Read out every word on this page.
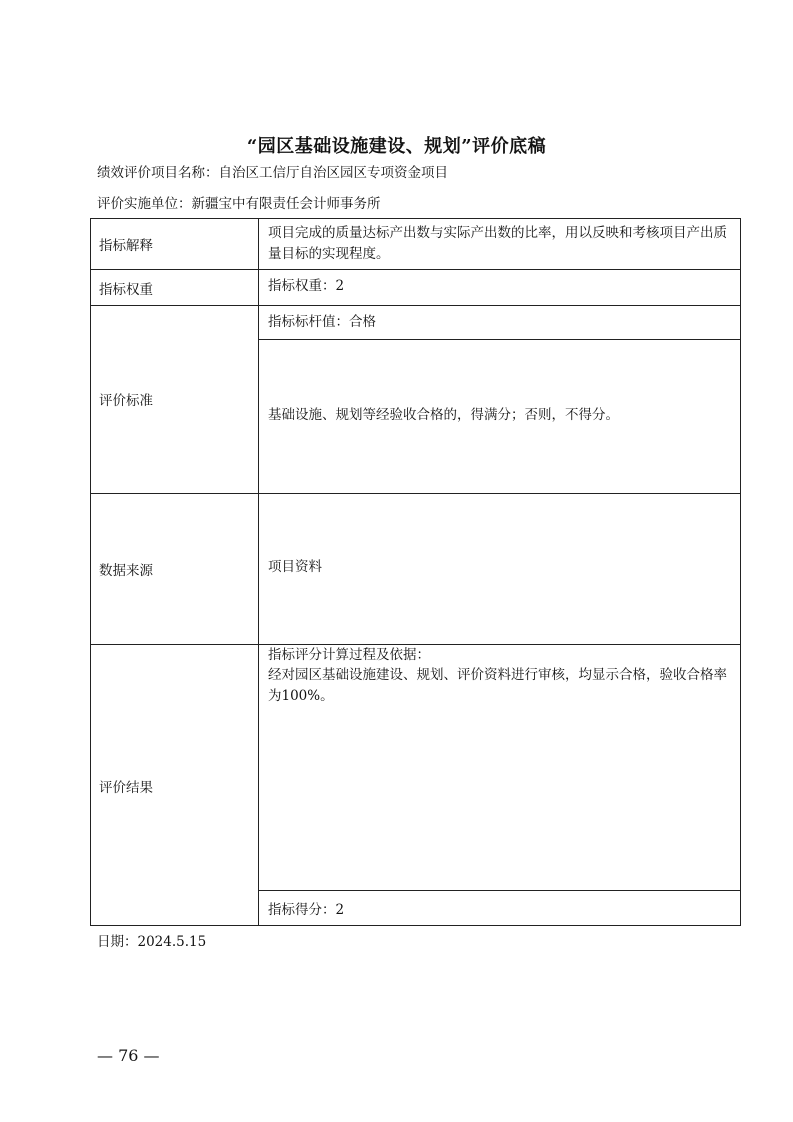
“园区基础设施建设、规划”评价底稿
绩效评价项目名称：自治区工信厅自治区园区专项资金项目
评价实施单位：新疆宝中有限责任会计师事务所
指标解释
项目完成的质量达标产出数与实际产出数的比率，用以反映和考核项目产出质量目标的实现程度。
指标权重	指标权重：2
评价标准
指标标杆值：合格
基础设施、规划等经验收合格的，得满分；否则，不得分。
数据来源	项目资料
评价结果
指标评分计算过程及依据：
经对园区基础设施建设、规划、评价资料进行审核，均显示合格，验收合格率为100%。
指标得分：2
日期：2024.5.15
— 76 —
